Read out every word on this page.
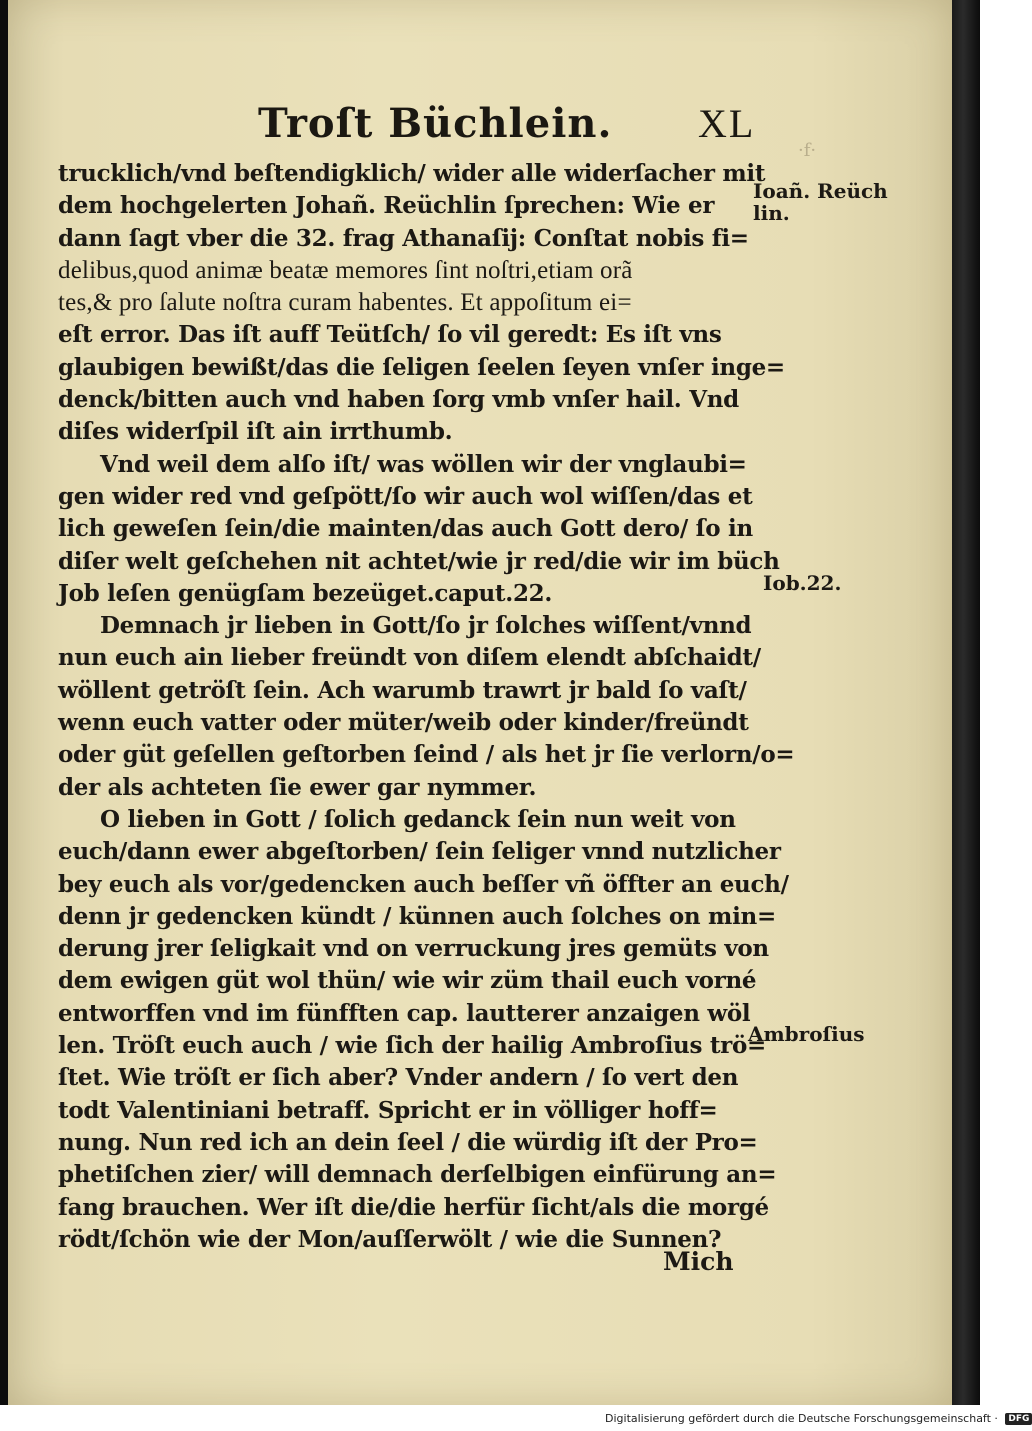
Troſt Büchlein. XL
·f·
trucklich/vnd beſtendigklich/ wider alle widerſacher mit
dem hochgelerten Johañ. Reüchlin ſprechen: Wie er
dann ſagt vber die 32. frag Athanaſij: Conſtat nobis fi=
delibus,quod animæ beatæ memores ſint noſtri,etiam orã
tes,& pro ſalute noſtra curam habentes. Et appoſitum ei=
eſt error. Das iſt auff Teütſch/ ſo vil geredt: Es iſt vns
glaubigen bewißt/das die ſeligen ſeelen ſeyen vnſer inge=
denck/bitten auch vnd haben ſorg vmb vnſer hail. Vnd
diſes widerſpil iſt ain irrthumb.
Vnd weil dem alſo iſt/ was wöllen wir der vnglaubi=
gen wider red vnd geſpött/ſo wir auch wol wiſſen/das et
lich geweſen ſein/die mainten/das auch Gott dero/ ſo in
diſer welt geſchehen nit achtet/wie jr red/die wir im büch
Job leſen genügſam bezeüget.caput.22.
Demnach jr lieben in Gott/ſo jr ſolches wiſſent/vnnd
nun euch ain lieber freündt von diſem elendt abſchaidt/
wöllent getröſt ſein. Ach warumb trawrt jr bald ſo vaſt/
wenn euch vatter oder müter/weib oder kinder/freündt
oder güt geſellen geſtorben ſeind / als het jr ſie verlorn/o=
der als achteten ſie ewer gar nymmer.
O lieben in Gott / ſolich gedanck ſein nun weit von
euch/dann ewer abgeſtorben/ ſein ſeliger vnnd nutzlicher
bey euch als vor/gedencken auch beſſer vñ öffter an euch/
denn jr gedencken kündt / künnen auch ſolches on min=
derung jrer ſeligkait vnd on verruckung jres gemüts von
dem ewigen güt wol thün/ wie wir züm thail euch vorné
entworffen vnd im fünfften cap. lautterer anzaigen wöl
len. Tröſt euch auch / wie ſich der hailig Ambroſius trö=
ſtet. Wie tröſt er ſich aber? Vnder andern / ſo vert den
todt Valentiniani betraff. Spricht er in völliger hoff=
nung. Nun red ich an dein ſeel / die würdig iſt der Pro=
phetiſchen zier/ will demnach derſelbigen einfürung an=
fang brauchen. Wer iſt die/die herfür ſicht/als die morgé
rödt/ſchön wie der Mon/auſſerwölt / wie die Sunnen?
Ioañ. Reüch
lin.
Iob.22.
Ambroſius
Mich
Digitalisierung gefördert durch die Deutsche Forschungsgemeinschaft · DFG
